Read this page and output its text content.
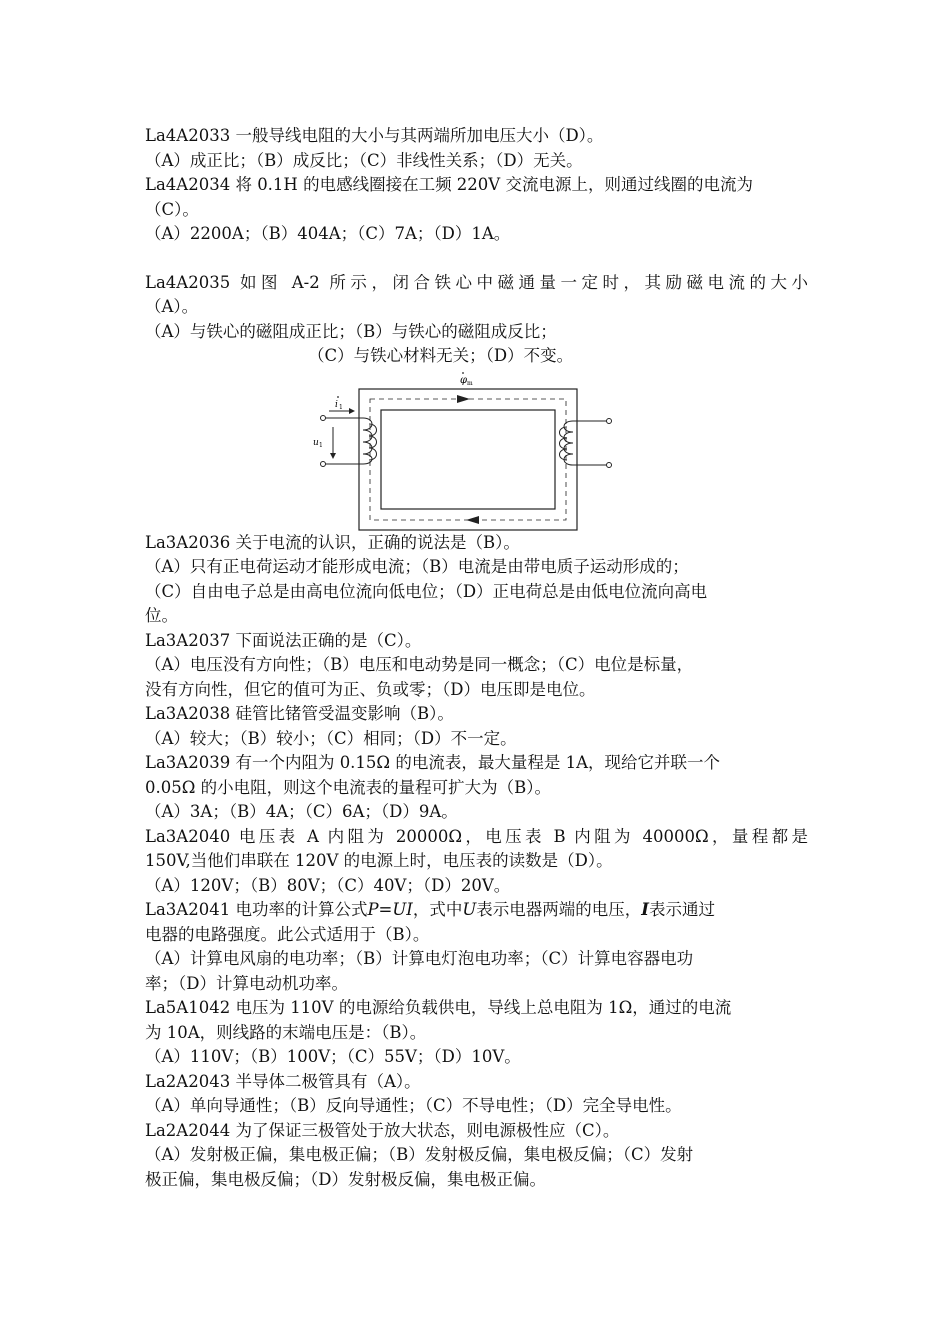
La4A2033 一般导线电阻的大小与其两端所加电压大小（D）。
（A）成正比；（B）成反比；（C）非线性关系；（D）无关。
La4A2034 将 0.1H 的电感线圈接在工频 220V 交流电源上，则通过线圈的电流为
（C）。
（A）2200A；（B）404A；（C）7A；（D）1A。
La4A2035 如图 A-2 所示，闭合铁心中磁通量一定时，其励磁电流的大小
（A）。
（A）与铁心的磁阻成正比；（B）与铁心的磁阻成反比；
（C）与铁心材料无关；（D）不变。
φ m
i 1
u 1
La3A2036 关于电流的认识，正确的说法是（B）。
（A）只有正电荷运动才能形成电流；（B）电流是由带电质子运动形成的；
（C）自由电子总是由高电位流向低电位；（D）正电荷总是由低电位流向高电
位。
La3A2037 下面说法正确的是（C）。
（A）电压没有方向性；（B）电压和电动势是同一概念；（C）电位是标量，
没有方向性，但它的值可为正、负或零；（D）电压即是电位。
La3A2038 硅管比锗管受温变影响（B）。
（A）较大；（B）较小；（C）相同；（D）不一定。
La3A2039 有一个内阻为 0.15Ω 的电流表，最大量程是 1A，现给它并联一个
0.05Ω 的小电阻，则这个电流表的量程可扩大为（B）。
（A）3A；（B）4A；（C）6A；（D）9A。
La3A2040 电压表 A 内阻为 20000Ω，电压表 B 内阻为 40000Ω，量程都是
150V,当他们串联在 120V 的电源上时，电压表的读数是（D）。
（A）120V；（B）80V；（C）40V；（D）20V。
La3A2041 电功率的计算公式P=UI，式中U表示电器两端的电压，I表示通过
电器的电路强度。此公式适用于（B）。
（A）计算电风扇的电功率；（B）计算电灯泡电功率；（C）计算电容器电功
率；（D）计算电动机功率。
La5A1042 电压为 110V 的电源给负载供电，导线上总电阻为 1Ω，通过的电流
为 10A，则线路的末端电压是：（B）。
（A）110V；（B）100V；（C）55V；（D）10V。
La2A2043 半导体二极管具有（A）。
（A）单向导通性；（B）反向导通性；（C）不导电性；（D）完全导电性。
La2A2044 为了保证三极管处于放大状态，则电源极性应（C）。
（A）发射极正偏，集电极正偏；（B）发射极反偏，集电极反偏；（C）发射
极正偏，集电极反偏；（D）发射极反偏，集电极正偏。
